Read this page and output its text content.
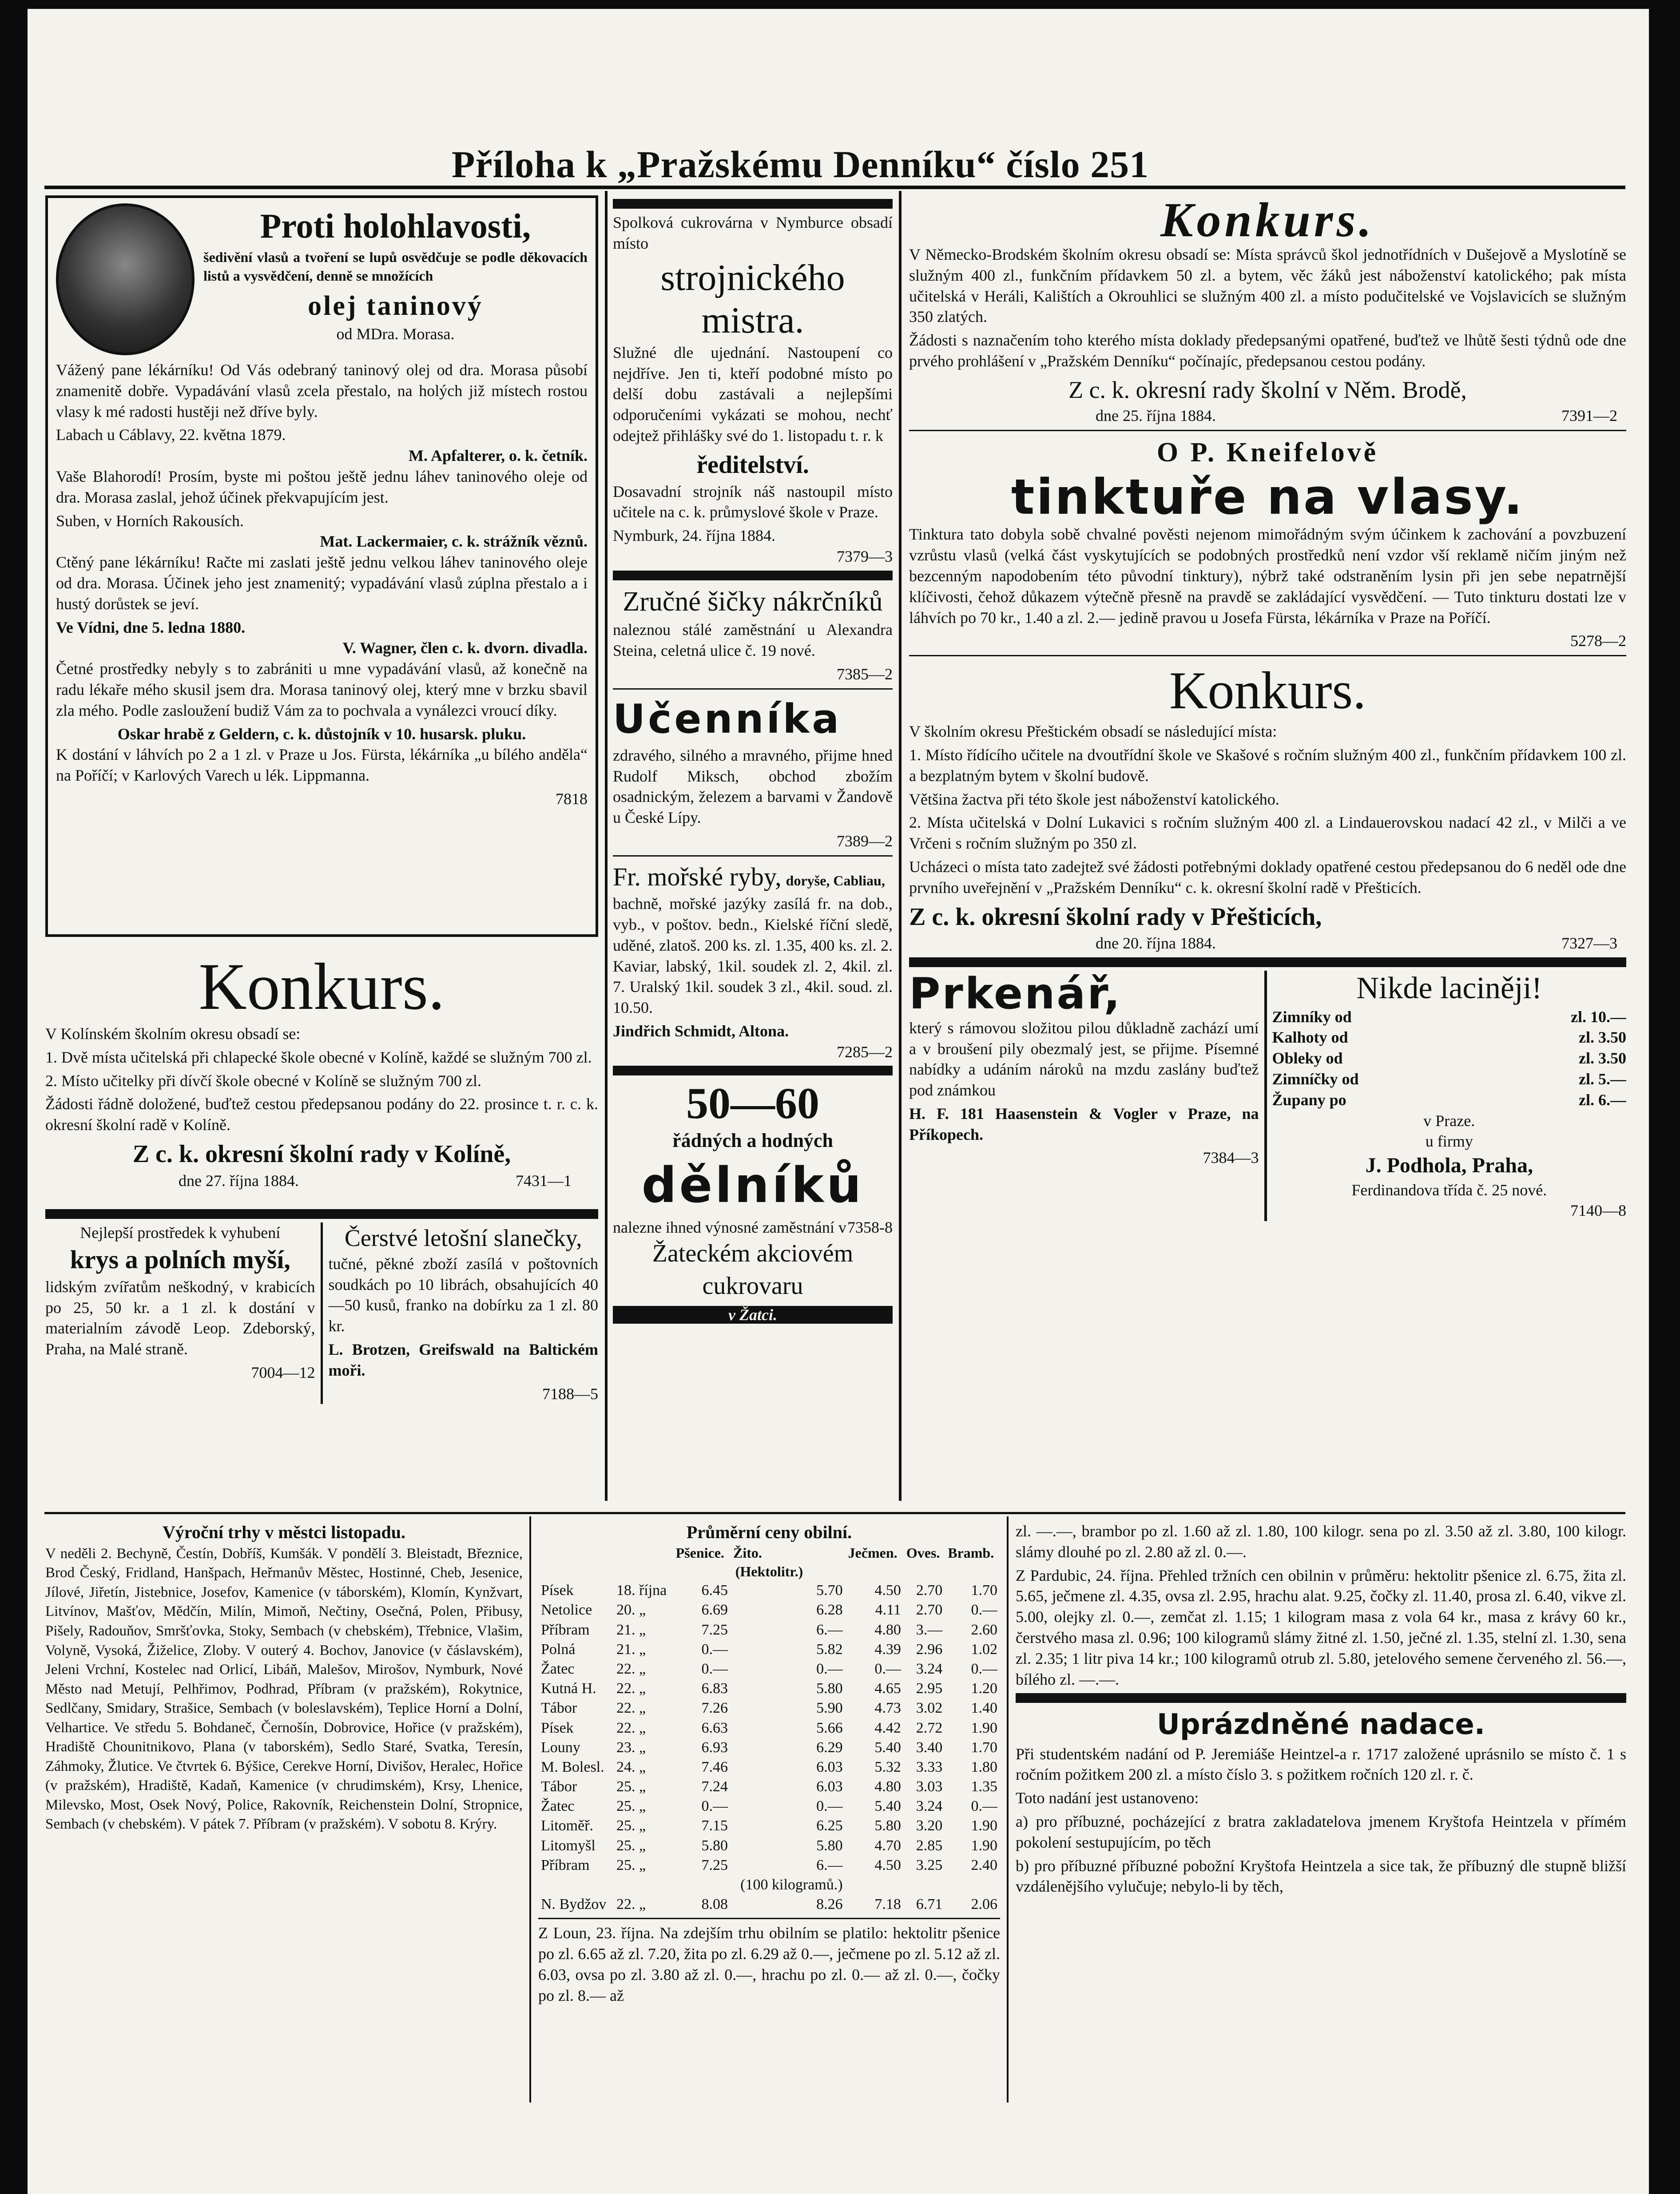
Příloha k „Pražskému Denníku“ číslo 251
Proti holohlavosti,

šedivění vlasů a tvoření se lupů osvědčuje se podle děkovacích listů a vysvědčení, denně se množících

olej taninový
od MDra. Morasa.

Vážený pane lékárníku! Od Vás odebraný taninový olej od dra. Morasa působí znamenitě dobře. Vypadávání vlasů zcela přestalo, na holých již místech rostou vlasy k mé radosti hustěji než dříve byly.

Labach u Cáblavy, 22. května 1879.
M. Apfalterer, o. k. četník.

Vaše Blahorodí! Prosím, byste mi poštou ještě jednu láhev taninového oleje od dra. Morasa zaslal, jehož účinek překvapujícím jest.

Suben, v Horních Rakousích.
Mat. Lackermaier, c. k. strážník věznů.

Ctěný pane lékárníku! Račte mi zaslati ještě jednu velkou láhev taninového oleje od dra. Morasa. Účinek jeho jest znamenitý; vypadávání vlasů zúplna přestalo a i hustý dorůstek se jeví.

Ve Vídni, dne 5. ledna 1880.
V. Wagner, člen c. k. dvorn. divadla.

Četné prostředky nebyly s to zabrániti u mne vypadávání vlasů, až konečně na radu lékaře mého skusil jsem dra. Morasa taninový olej, který mne v brzku sbavil zla mého. Podle zasloužení budiž Vám za to pochvala a vynálezci vroucí díky.

Oskar hrabě z Geldern, c. k. důstojník v 10. husarsk. pluku.

K dostání v láhvích po 2 a 1 zl. v Praze u Jos. Fürsta, lékárníka „u bílého anděla“ na Poříčí; v Karlových Varech u lék. Lippmanna.

7818
Konkurs.

V Kolínském školním okresu obsadí se:

1. Dvě místa učitelská při chlapecké škole obecné v Kolíně, každé se služným 700 zl.

2. Místo učitelky při dívčí škole obecné v Kolíně se služným 700 zl.

Žádosti řádně doložené, buďtež cestou předepsanou podány do 22. prosince t. r. c. k. okresní školní radě v Kolíně.

Z c. k. okresní školní rady v Kolíně,
dne 27. října 1884.	7431—1
Nejlepší prostředek k vyhubení
krys a polních myší,

lidským zvířatům neškodný, v krabicích po 25, 50 kr. a 1 zl. k dostání v materialním závodě Leop. Zdeborský, Praha, na Malé straně.

7004—12
Čerstvé letošní slanečky,

tučné, pěkné zboží zasílá v poštovních soudkách po 10 librách, obsahujících 40—50 kusů, franko na dobírku za 1 zl. 80 kr.

L. Brotzen, Greifswald na Baltickém moři.

7188—5

Spolková cukrovárna v Nymburce obsadí místo

strojnického mistra.

Služné dle ujednání. Nastoupení co nejdříve. Jen ti, kteří podobné místo po delší dobu zastávali a nejlepšími odporučeními vykázati se mohou, nechť odejtež přihlášky své do 1. listopadu t. r. k

ředitelství.

Dosavadní strojník náš nastoupil místo učitele na c. k. průmyslové škole v Praze.

Nymburk, 24. října 1884.
7379—3
Zručné šičky nákrčníků

naleznou stálé zaměstnání u Alexandra Steina, celetná ulice č. 19 nové.

7385—2
Učenníka

zdravého, silného a mravného, přijme hned Rudolf Miksch, obchod zbožím osadnickým, železem a barvami v Žandově u České Lípy.

7389—2
Fr. mořské ryby, doryše, Cabliau,

bachně, mořské jazýky zasílá fr. na dob., vyb., v poštov. bedn., Kielské říční sledě, uděné, zlatoš. 200 ks. zl. 1.35, 400 ks. zl. 2. Kaviar, labský, 1kil. soudek zl. 2, 4kil. zl. 7. Uralský 1kil. soudek 3 zl., 4kil. soud. zl. 10.50.

Jindřich Schmidt, Altona.
7285—2
50—60
řádných a hodných
dělníků
nalezne ihned výnosné zaměstnání v 7358-8
Žateckém akciovém cukrovaru
v Žatci.
Konkurs.

V Německo-Brodském školním okresu obsadí se: Místa správců škol jednotřídních v Dušejově a Myslotíně se služným 400 zl., funkčním přídavkem 50 zl. a bytem, věc žáků jest náboženství katolického; pak místa učitelská v Heráli, Kalištích a Okrouhlici se služným 400 zl. a místo podučitelské ve Vojslavicích se služným 350 zlatých.

Žádosti s naznačením toho kterého místa doklady předepsanými opatřené, buďtež ve lhůtě šesti týdnů ode dne prvého prohlášení v „Pražském Denníku“ počínajíc, předepsanou cestou podány.

Z c. k. okresní rady školní v Něm. Brodě,
dne 25. října 1884.	7391—2
O P. Kneifelově
tinktuře na vlasy.

Tinktura tato dobyla sobě chvalné pověsti nejenom mimořádným svým účinkem k zachování a povzbuzení vzrůstu vlasů (velká část vyskytujících se podobných prostředků není vzdor vší reklamě ničím jiným než bezcenným napodobením této původní tinktury), nýbrž také odstraněním lysin při jen sebe nepatrnější klíčivosti, čehož důkazem výtečně přesně na pravdě se zakládající vysvědčení. — Tuto tinkturu dostati lze v láhvích po 70 kr., 1.40 a zl. 2.— jedině pravou u Josefa Fürsta, lékárníka v Praze na Poříčí.

5278—2
Konkurs.

V školním okresu Přeštickém obsadí se následující místa:

1. Místo řídícího učitele na dvoutřídní škole ve Skašové s ročním služným 400 zl., funkčním přídavkem 100 zl. a bezplatným bytem v školní budově.

Většina žactva při této škole jest náboženství katolického.

2. Místa učitelská v Dolní Lukavici s ročním služným 400 zl. a Lindauerovskou nadací 42 zl., v Milči a ve Vrčeni s ročním služným po 350 zl.

Ucházeci o místa tato zadejtež své žádosti potřebnými doklady opatřené cestou předepsanou do 6 neděl ode dne prvního uveřejnění v „Pražském Denníku“ c. k. okresní školní radě v Přešticích.

Z c. k. okresní školní rady v Přešticích,
dne 20. října 1884.	7327—3
Prkenář,

který s rámovou složitou pilou důkladně zachází umí a v broušení pily obezmalý jest, se přijme. Písemné nabídky a udáním nároků na mzdu zaslány buďtež pod známkou

H. F. 181 Haasenstein & Vogler v Praze, na Příkopech.

7384—3
Nikde laciněji!
Zimníky od	zl. 10.—
Kalhoty od	zl. 3.50
Obleky od	zl. 3.50
Zimníčky od	zl. 5.—
Župany po	zl. 6.—
v Praze.
u firmy
J. Podhola, Praha,
Ferdinandova třída č. 25 nové.
7140—8
Výroční trhy v městci listopadu.

V neděli 2. Bechyně, Čestín, Dobříš, Kumšák. V pondělí 3. Bleistadt, Březnice, Brod Český, Fridland, Hanšpach, Heřmanův Městec, Hostinné, Cheb, Jesenice, Jílové, Jiřetín, Jistebnice, Josefov, Kamenice (v táborském), Klomín, Kynžvart, Litvínov, Mašťov, Mědčín, Milín, Mimoň, Nečtiny, Osečná, Polen, Přibusy, Pišely, Radouňov, Smršťovka, Stoky, Sembach (v chebském), Třebnice, Vlašim, Volyně, Vysoká, Žiželice, Zloby. V outerý 4. Bochov, Janovice (v čáslavském), Jeleni Vrchní, Kostelec nad Orlicí, Libáň, Malešov, Mirošov, Nymburk, Nové Město nad Metují, Pelhřimov, Podhrad, Příbram (v pražském), Rokytnice, Sedlčany, Smidary, Strašice, Sembach (v boleslavském), Teplice Horní a Dolní, Velhartice. Ve středu 5. Bohdaneč, Černošín, Dobrovice, Hořice (v pražském), Hradiště Chounitnikovo, Plana (v taborském), Sedlo Staré, Svatka, Teresín, Záhmoky, Žlutice. Ve čtvrtek 6. Býšice, Cerekve Horní, Divišov, Heralec, Hořice (v pražském), Hradiště, Kadaň, Kamenice (v chrudimském), Krsy, Lhenice, Milevsko, Most, Osek Nový, Police, Rakovník, Reichenstein Dolní, Stropnice, Sembach (v chebském). V pátek 7. Příbram (v pražském). V sobotu 8. Krýry.

Průměrní ceny obilní.
		Pšenice.	Žito.	Ječmen.	Oves.	Bramb.
(Hektolitr.)						
Písek	18. října	6.45	5.70	4.50	2.70	1.70
Netolice	20. „	6.69	6.28	4.11	2.70	0.—
Příbram	21. „	7.25	6.—	4.80	3.—	2.60
Polná	21. „	0.—	5.82	4.39	2.96	1.02
Žatec	22. „	0.—	0.—	0.—	3.24	0.—
Kutná H.	22. „	6.83	5.80	4.65	2.95	1.20
Tábor	22. „	7.26	5.90	4.73	3.02	1.40
Písek	22. „	6.63	5.66	4.42	2.72	1.90
Louny	23. „	6.93	6.29	5.40	3.40	1.70
M. Bolesl.	24. „	7.46	6.03	5.32	3.33	1.80
Tábor	25. „	7.24	6.03	4.80	3.03	1.35
Žatec	25. „	0.—	0.—	5.40	3.24	0.—
Litoměř.	25. „	7.15	6.25	5.80	3.20	1.90
Litomyšl	25. „	5.80	5.80	4.70	2.85	1.90
Příbram	25. „	7.25	6.—	4.50	3.25	2.40
			(100 kilogramů.)			
N. Bydžov	22. „	8.08	8.26	7.18	6.71	2.06

Z Loun, 23. října. Na zdejším trhu obilním se platilo: hektolitr pšenice po zl. 6.65 až zl. 7.20, žita po zl. 6.29 až 0.—, ječmene po zl. 5.12 až zl. 6.03, ovsa po zl. 3.80 až zl. 0.—, hrachu po zl. 0.— až zl. 0.—, čočky po zl. 8.— až

zl. —.—, brambor po zl. 1.60 až zl. 1.80, 100 kilogr. sena po zl. 3.50 až zl. 3.80, 100 kilogr. slámy dlouhé po zl. 2.80 až zl. 0.—.

Z Pardubic, 24. října. Přehled tržních cen obilnin v průměru: hektolitr pšenice zl. 6.75, žita zl. 5.65, ječmene zl. 4.35, ovsa zl. 2.95, hrachu alat. 9.25, čočky zl. 11.40, prosa zl. 6.40, vikve zl. 5.00, olejky zl. 0.—, zemčat zl. 1.15; 1 kilogram masa z vola 64 kr., masa z krávy 60 kr., čerstvého masa zl. 0.96; 100 kilogramů slámy žitné zl. 1.50, ječné zl. 1.35, stelní zl. 1.30, sena zl. 2.35; 1 litr piva 14 kr.; 100 kilogramů otrub zl. 5.80, jetelového semene červeného zl. 56.—, bílého zl. —.—.

Uprázdněné nadace.

Při studentském nadání od P. Jeremiáše Heintzel-a r. 1717 založené uprásnilo se místo č. 1 s ročním požitkem 200 zl. a místo číslo 3. s požitkem ročních 120 zl. r. č.

Toto nadání jest ustanoveno:

a) pro příbuzné, pocházející z bratra zakladatelova jmenem Kryštofa Heintzela v přímém pokolení sestupujícím, po těch

b) pro příbuzné příbuzné pobožní Kryštofa Heintzela a sice tak, že příbuzný dle stupně bližší vzdálenějšího vylučuje; nebylo-li by těch,
